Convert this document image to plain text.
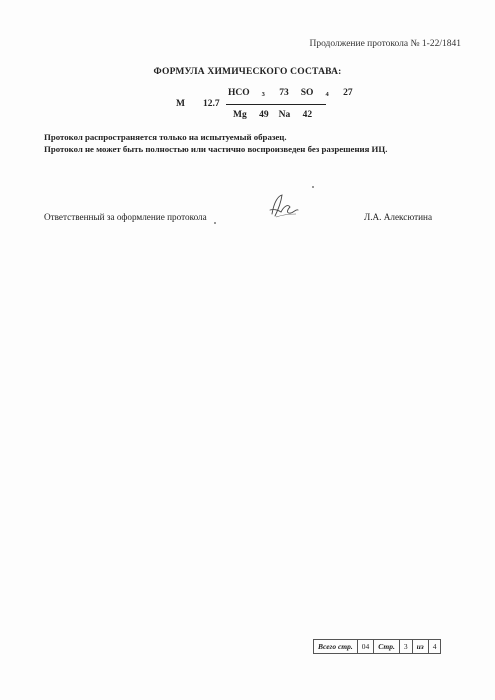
Продолжение протокола № 1-22/1841
ФОРМУЛА ХИМИЧЕСКОГО СОСТАВА:
М 12.7
HCO 3 73 SO 4 27
Mg 49 Na 42
Протокол распространяется только на испытуемый образец.
Протокол не может быть полностью или частично воспроизведен без разрешения ИЦ.
Ответственный за оформление протокола	Л.А. Алексютина
Всего стр.	04	Стр.	3	из	4
